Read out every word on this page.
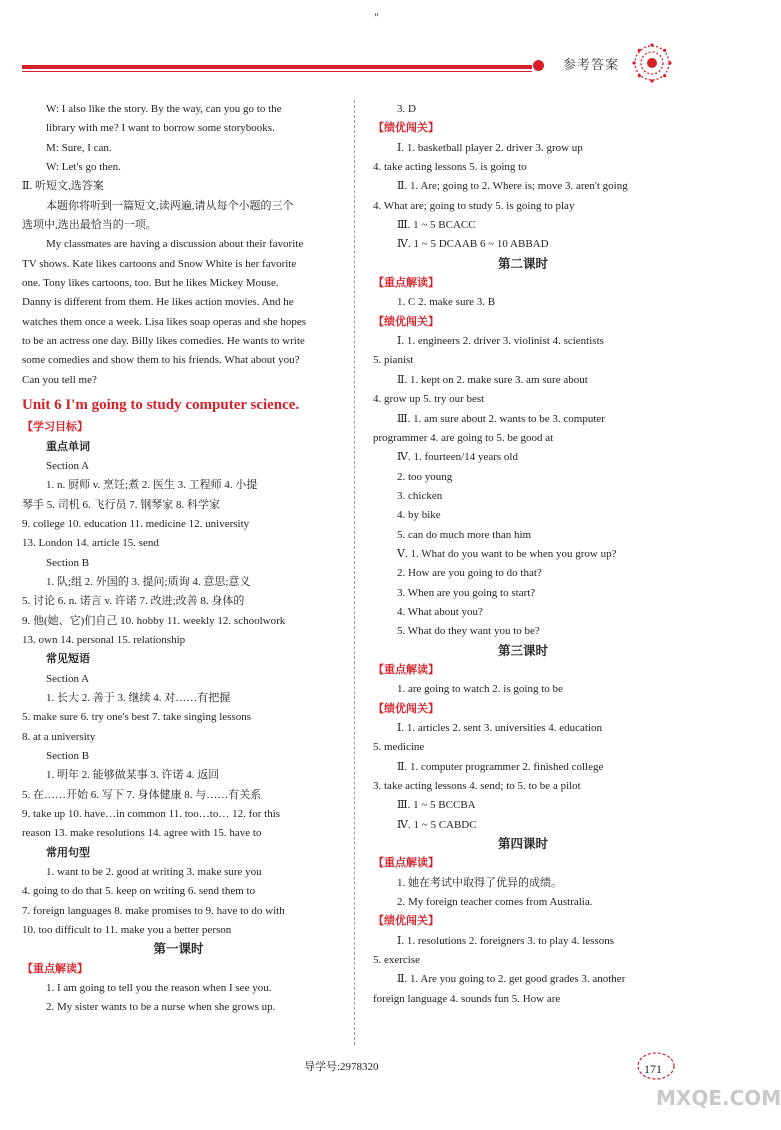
"
参考答案
W: I also like the story. By the way, can you go to the
library with me? I want to borrow some storybooks.
M: Sure, I can.
W: Let's go then.
Ⅱ. 听短文,选答案
本题你将听到一篇短文,读两遍,请从每个小题的三个
选项中,选出最恰当的一项。
My classmates are having a discussion about their favorite
TV shows. Kate likes cartoons and Snow White is her favorite
one. Tony likes cartoons, too. But he likes Mickey Mouse.
Danny is different from them. He likes action movies. And he
watches them once a week. Lisa likes soap operas and she hopes
to be an actress one day. Billy likes comedies. He wants to write
some comedies and show them to his friends. What about you?
Can you tell me?
Unit 6 I'm going to study computer science.
【学习目标】
重点单词
Section A
1. n. 厨师 v. 烹饪;煮 2. 医生 3. 工程师 4. 小提
琴手 5. 司机 6. 飞行员 7. 钢琴家 8. 科学家
9. college 10. education 11. medicine 12. university
13. London 14. article 15. send
Section B
1. 队;组 2. 外国的 3. 提问;质询 4. 意思;意义
5. 讨论 6. n. 诺言 v. 许诺 7. 改进;改善 8. 身体的
9. 他(她、它)们自己 10. hobby 11. weekly 12. schoolwork
13. own 14. personal 15. relationship
常见短语
Section A
1. 长大 2. 善于 3. 继续 4. 对……有把握
5. make sure 6. try one's best 7. take singing lessons
8. at a university
Section B
1. 明年 2. 能够做某事 3. 许诺 4. 返回
5. 在……开始 6. 写下 7. 身体健康 8. 与……有关系
9. take up 10. have…in common 11. too…to… 12. for this
reason 13. make resolutions 14. agree with 15. have to
常用句型
1. want to be 2. good at writing 3. make sure you
4. going to do that 5. keep on writing 6. send them to
7. foreign languages 8. make promises to 9. have to do with
10. too difficult to 11. make you a better person
第一课时
【重点解读】
1. I am going to tell you the reason when I see you.
2. My sister wants to be a nurse when she grows up.
3. D
【绩优闯关】
Ⅰ. 1. basketball player 2. driver 3. grow up
4. take acting lessons 5. is going to
Ⅱ. 1. Are; going to 2. Where is; move 3. aren't going
4. What are; going to study 5. is going to play
Ⅲ. 1 ~ 5 BCACC
Ⅳ. 1 ~ 5 DCAAB 6 ~ 10 ABBAD
第二课时
【重点解读】
1. C 2. make sure 3. B
【绩优闯关】
Ⅰ. 1. engineers 2. driver 3. violinist 4. scientists
5. pianist
Ⅱ. 1. kept on 2. make sure 3. am sure about
4. grow up 5. try our best
Ⅲ. 1. am sure about 2. wants to be 3. computer
programmer 4. are going to 5. be good at
Ⅳ. 1. fourteen/14 years old
2. too young
3. chicken
4. by bike
5. can do much more than him
Ⅴ. 1. What do you want to be when you grow up?
2. How are you going to do that?
3. When are you going to start?
4. What about you?
5. What do they want you to be?
第三课时
【重点解读】
1. are going to watch 2. is going to be
【绩优闯关】
Ⅰ. 1. articles 2. sent 3. universities 4. education
5. medicine
Ⅱ. 1. computer programmer 2. finished college
3. take acting lessons 4. send; to 5. to be a pilot
Ⅲ. 1 ~ 5 BCCBA
Ⅳ. 1 ~ 5 CABDC
第四课时
【重点解读】
1. 她在考试中取得了优异的成绩。
2. My foreign teacher comes from Australia.
【绩优闯关】
Ⅰ. 1. resolutions 2. foreigners 3. to play 4. lessons
5. exercise
Ⅱ. 1. Are you going to 2. get good grades 3. another
foreign language 4. sounds fun 5. How are
导学号:2978320	171
MXQE.COM
